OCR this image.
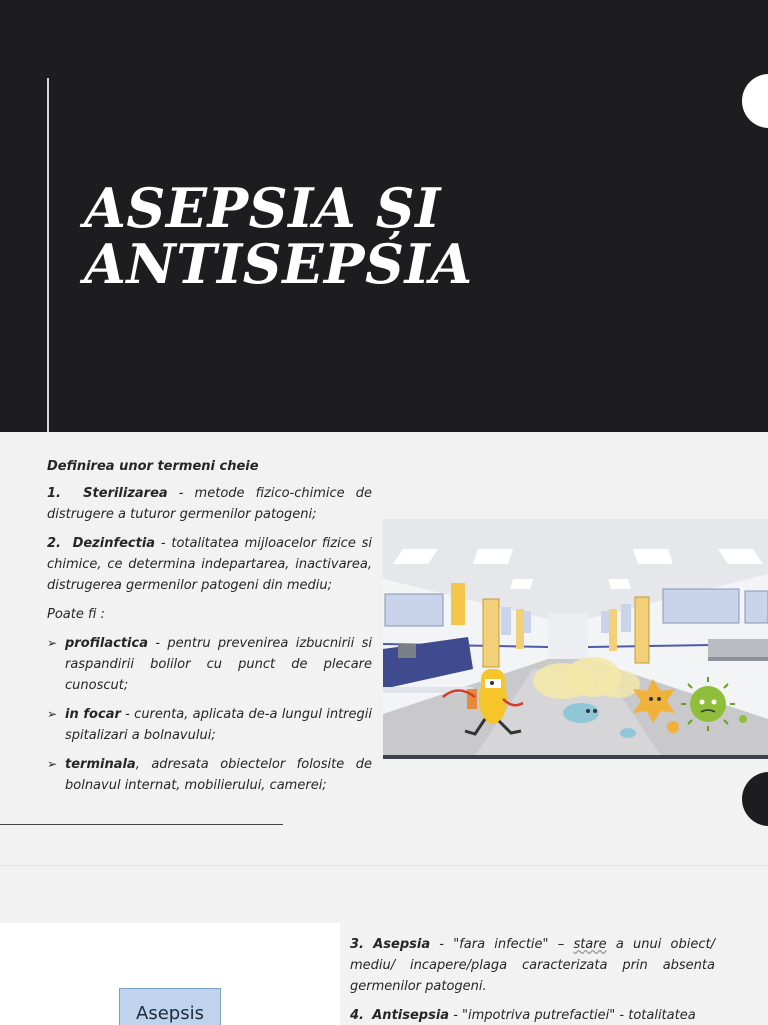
ASEPSIA ȘI
ANTISEPSIA

Definirea unor termeni cheie

1. Sterilizarea - metode fizico-chimice de distrugere a tuturor germenilor patogeni;

2. Dezinfectia - totalitatea mijloacelor fizice si chimice, ce determina indepartarea, inactivarea, distrugerea germenilor patogeni din mediu;

Poate fi :

➢ profilactica - pentru prevenirea izbucnirii si raspandirii bolilor cu punct de plecare cunoscut;
➢ in focar - curenta, aplicata de-a lungul intregii spitalizari a bolnavului;
➢ terminala, adresata obiectelor folosite de bolnavul internat, mobilierului, camerei;
Asepsis

3. Asepsia - "fara infectie" – stare a unui obiect/ mediu/ incapere/plaga caracterizata prin absenta germenilor patogeni.

4. Antisepsia - "impotriva putrefactiei" - totalitatea
